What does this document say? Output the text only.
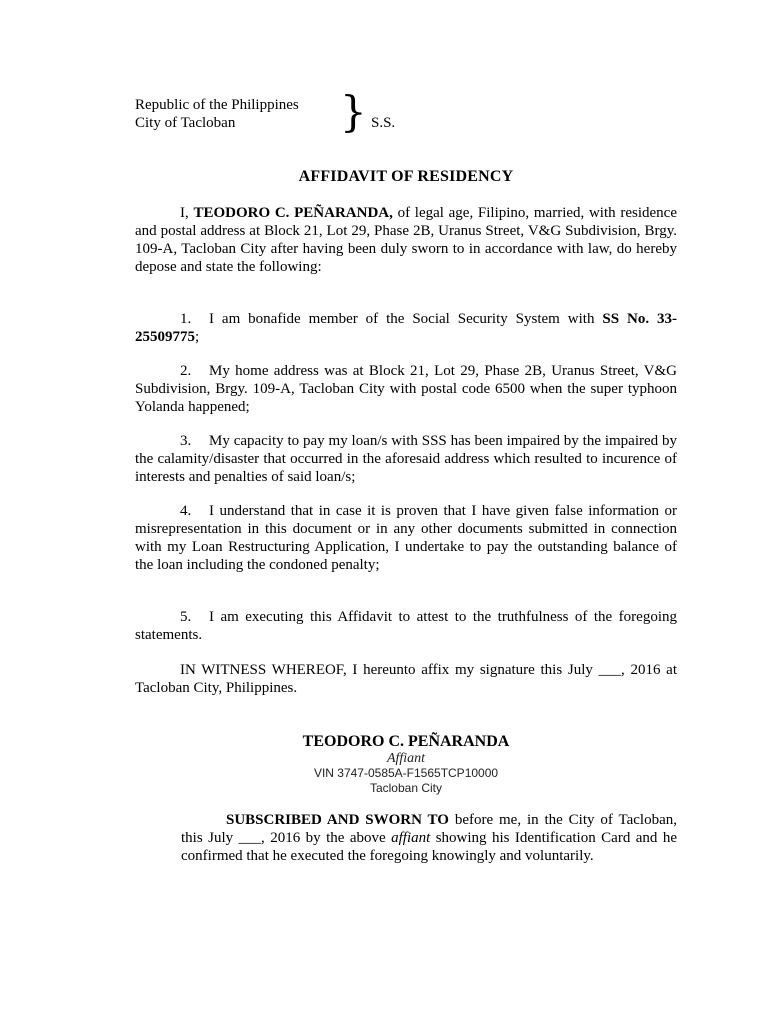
Republic of the Philippines
City of Tacloban	} S.S.
AFFIDAVIT OF RESIDENCY

I, TEODORO C. PEÑARANDA, of legal age, Filipino, married, with residence and postal address at Block 21, Lot 29, Phase 2B, Uranus Street, V&G Subdivision, Brgy. 109-A, Tacloban City after having been duly sworn to in accordance with law, do hereby depose and state the following:

1. I am bonafide member of the Social Security System with SS No. 33-25509775;

2. My home address was at Block 21, Lot 29, Phase 2B, Uranus Street, V&G Subdivision, Brgy. 109-A, Tacloban City with postal code 6500 when the super typhoon Yolanda happened;

3. My capacity to pay my loan/s with SSS has been impaired by the impaired by the calamity/disaster that occurred in the aforesaid address which resulted to incurence of interests and penalties of said loan/s;

4. I understand that in case it is proven that I have given false information or misrepresentation in this document or in any other documents submitted in connection with my Loan Restructuring Application, I undertake to pay the outstanding balance of the loan including the condoned penalty;

5. I am executing this Affidavit to attest to the truthfulness of the foregoing statements.

IN WITNESS WHEREOF, I hereunto affix my signature this July ___, 2016 at Tacloban City, Philippines.

TEODORO C. PEÑARANDA
Affiant
VIN 3747-0585A-F1565TCP10000
Tacloban City

SUBSCRIBED AND SWORN TO before me, in the City of Tacloban, this July ___, 2016 by the above affiant showing his Identification Card and he confirmed that he executed the foregoing knowingly and voluntarily.
